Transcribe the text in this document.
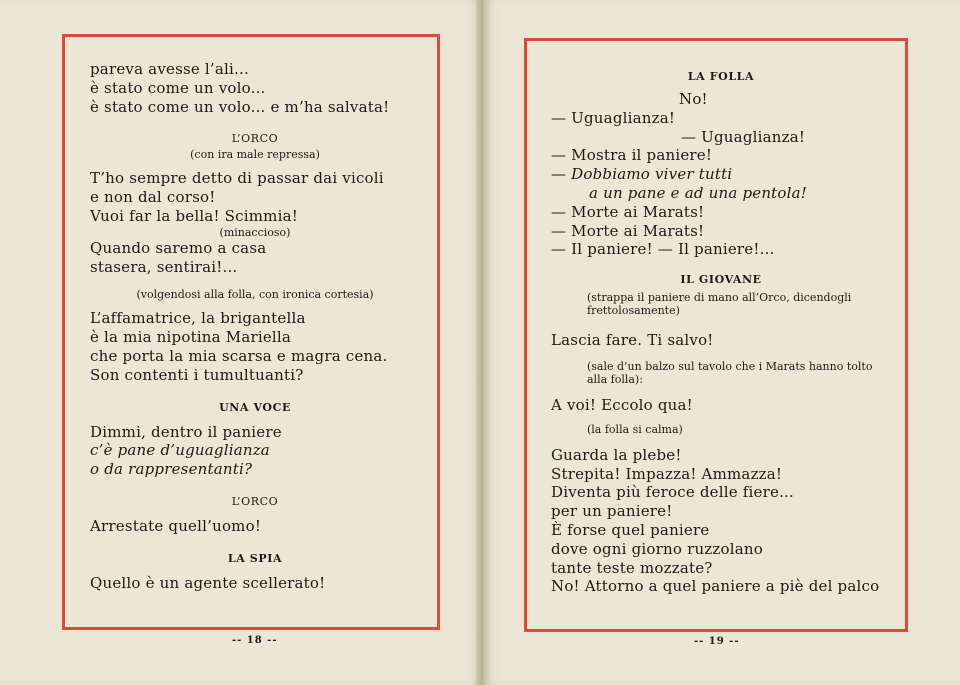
pareva avesse l’ali...
è stato come un volo...
è stato come un volo... e m’ha salvata!
L’ORCO
(con ira male repressa)
T’ho sempre detto di passar dai vicoli
e non dal corso!
Vuoi far la bella! Scimmia!
(minaccioso)
Quando saremo a casa
stasera, sentirai!...
(volgendosi alla folla, con ironica cortesia)
L’affamatrice, la brigantella
è la mia nipotina Mariella
che porta la mia scarsa e magra cena.
Son contenti i tumultuanti?
UNA VOCE
Dimmi, dentro il paniere
c’è pane d’uguaglianza
o da rappresentanti?
L’ORCO
Arrestate quell’uomo!
LA SPIA
Quello è un agente scellerato!
-- 18 --
LA FOLLA
No!
— Uguaglianza!
— Uguaglianza!
— Mostra il paniere!
— Dobbiamo viver tutti
a un pane e ad una pentola!
— Morte ai Marats!
— Morte ai Marats!
— Il paniere! — Il paniere!...
IL GIOVANE
(strappa il paniere di mano all’Orco, dicendogli frettolosamente)
Lascia fare. Ti salvo!
(sale d’un balzo sul tavolo che i Marats hanno tolto alla folla):
A voi! Eccolo qua!
(la folla si calma)
Guarda la plebe!
Strepita! Impazza! Ammazza!
Diventa più feroce delle fiere...
per un paniere!
È forse quel paniere
dove ogni giorno ruzzolano
tante teste mozzate?
No! Attorno a quel paniere a piè del palco
-- 19 --
